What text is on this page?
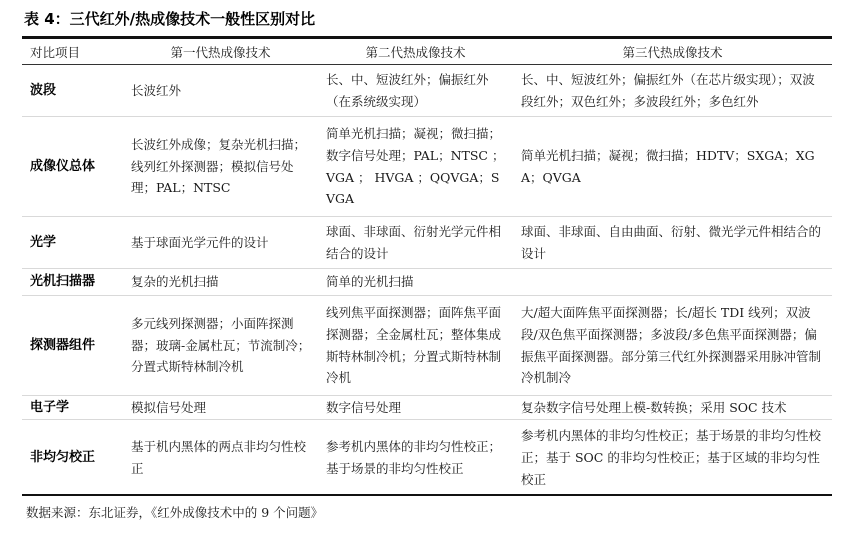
表 4：三代红外/热成像技术一般性区别对比
对比项目	第一代热成像技术	第二代热成像技术	第三代热成像技术
波段	长波红外	长、中、短波红外；偏振红外（在系统级实现）	长、中、短波红外；偏振红外（在芯片级实现）；双波段红外；双色红外；多波段红外；多色红外
成像仪总体	长波红外成像；复杂光机扫描；线列红外探测器；模拟信号处理；PAL；NTSC	简单光机扫描；凝视；微扫描；数字信号处理；PAL；NTSC ； VGA ； HVGA ；QQVGA；SVGA	简单光机扫描；凝视；微扫描；HDTV；SXGA；XGA；QVGA
光学	基于球面光学元件的设计	球面、非球面、衍射光学元件相结合的设计	球面、非球面、自由曲面、衍射、微光学元件相结合的设计
光机扫描器	复杂的光机扫描	简单的光机扫描	
探测器组件	多元线列探测器；小面阵探测器；玻璃-金属杜瓦；节流制冷；分置式斯特林制冷机	线列焦平面探测器；面阵焦平面探测器；全金属杜瓦；整体集成斯特林制冷机；分置式斯特林制冷机	大/超大面阵焦平面探测器；长/超长 TDI 线列；双波段/双色焦平面探测器；多波段/多色焦平面探测器；偏振焦平面探测器。部分第三代红外探测器采用脉冲管制冷机制冷
电子学	模拟信号处理	数字信号处理	复杂数字信号处理上模-数转换；采用 SOC 技术
非均匀校正	基于机内黑体的两点非均匀性校正	参考机内黑体的非均匀性校正；基于场景的非均匀性校正	参考机内黑体的非均匀性校正；基于场景的非均匀性校正；基于 SOC 的非均匀性校正；基于区域的非均匀性校正
数据来源：东北证券，《红外成像技术中的 9 个问题》
